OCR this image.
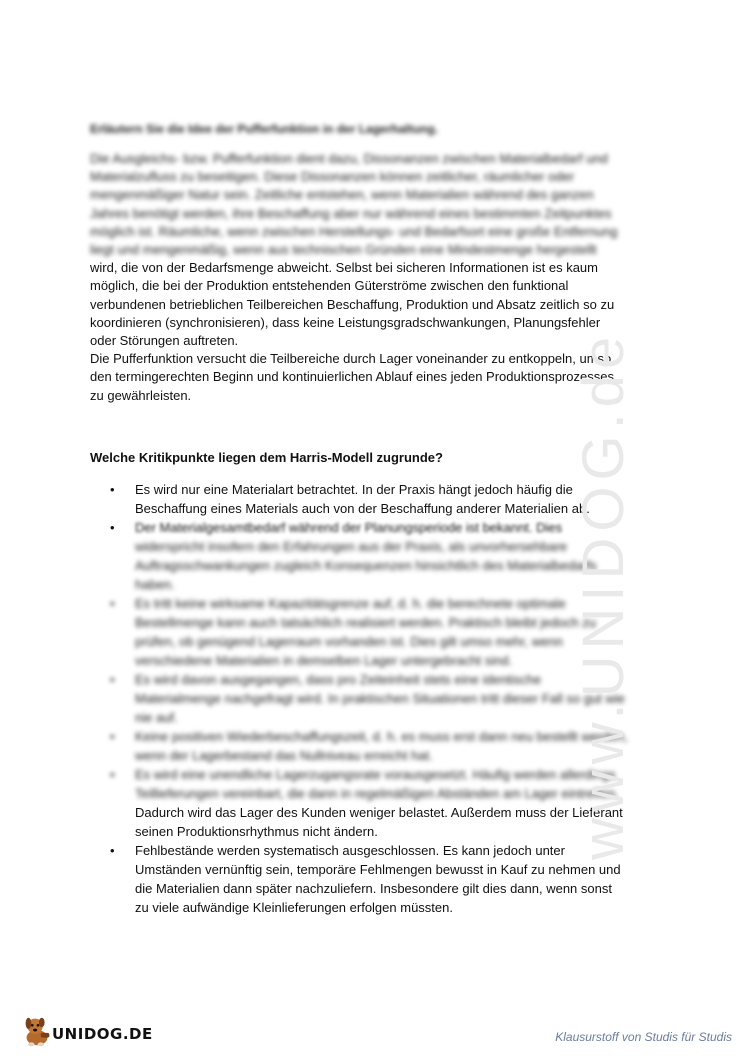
Erläutern Sie die Idee der Pufferfunktion in der Lagerhaltung.
Die Ausgleichs- bzw. Pufferfunktion dient dazu, Dissonanzen zwischen Materialbedarf und
Materialzufluss zu beseitigen. Diese Dissonanzen können zeitlicher, räumlicher oder
mengenmäßiger Natur sein. Zeitliche entstehen, wenn Materialien während des ganzen
Jahres benötigt werden, ihre Beschaffung aber nur während eines bestimmten Zeitpunktes
möglich ist. Räumliche, wenn zwischen Herstellungs- und Bedarfsort eine große Entfernung
liegt und mengenmäßig, wenn aus technischen Gründen eine Mindestmenge hergestellt
wird, die von der Bedarfsmenge abweicht. Selbst bei sicheren Informationen ist es kaum
möglich, die bei der Produktion entstehenden Güterströme zwischen den funktional
verbundenen betrieblichen Teilbereichen Beschaffung, Produktion und Absatz zeitlich so zu
koordinieren (synchronisieren), dass keine Leistungsgradschwankungen, Planungsfehler
oder Störungen auftreten.
Die Pufferfunktion versucht die Teilbereiche durch Lager voneinander zu entkoppeln, umso
den termingerechten Beginn und kontinuierlichen Ablauf eines jeden Produktionsprozesses
zu gewährleisten.
Welche Kritikpunkte liegen dem Harris-Modell zugrunde?
• Es wird nur eine Materialart betrachtet. In der Praxis hängt jedoch häufig die
Beschaffung eines Materials auch von der Beschaffung anderer Materialien ab.
• Der Materialgesamtbedarf während der Planungsperiode ist bekannt. Dies
widerspricht insofern den Erfahrungen aus der Praxis, als unvorhersehbare
Auftragsschwankungen zugleich Konsequenzen hinsichtlich des Materialbedarfs
haben.
• Es tritt keine wirksame Kapazitätsgrenze auf, d. h. die berechnete optimale
Bestellmenge kann auch tatsächlich realisiert werden. Praktisch bleibt jedoch zu
prüfen, ob genügend Lagerraum vorhanden ist. Dies gilt umso mehr, wenn
verschiedene Materialien in demselben Lager untergebracht sind.
• Es wird davon ausgegangen, dass pro Zeiteinheit stets eine identische
Materialmenge nachgefragt wird. In praktischen Situationen tritt dieser Fall so gut wie
nie auf.
• Keine positiven Wiederbeschaffungszeit, d. h. es muss erst dann neu bestellt werden,
wenn der Lagerbestand das Nullniveau erreicht hat.
• Es wird eine unendliche Lagerzugangsrate vorausgesetzt. Häufig werden allerdings
Teillieferungen vereinbart, die dann in regelmäßigen Abständen am Lager eintreffen.
Dadurch wird das Lager des Kunden weniger belastet. Außerdem muss der Lieferant
seinen Produktionsrhythmus nicht ändern.
• Fehlbestände werden systematisch ausgeschlossen. Es kann jedoch unter
Umständen vernünftig sein, temporäre Fehlmengen bewusst in Kauf zu nehmen und
die Materialien dann später nachzuliefern. Insbesondere gilt dies dann, wenn sonst
zu viele aufwändige Kleinlieferungen erfolgen müssten.
www.UNIDOG.de
UNIDOG.DE	Klausurstoff von Studis für Studis
